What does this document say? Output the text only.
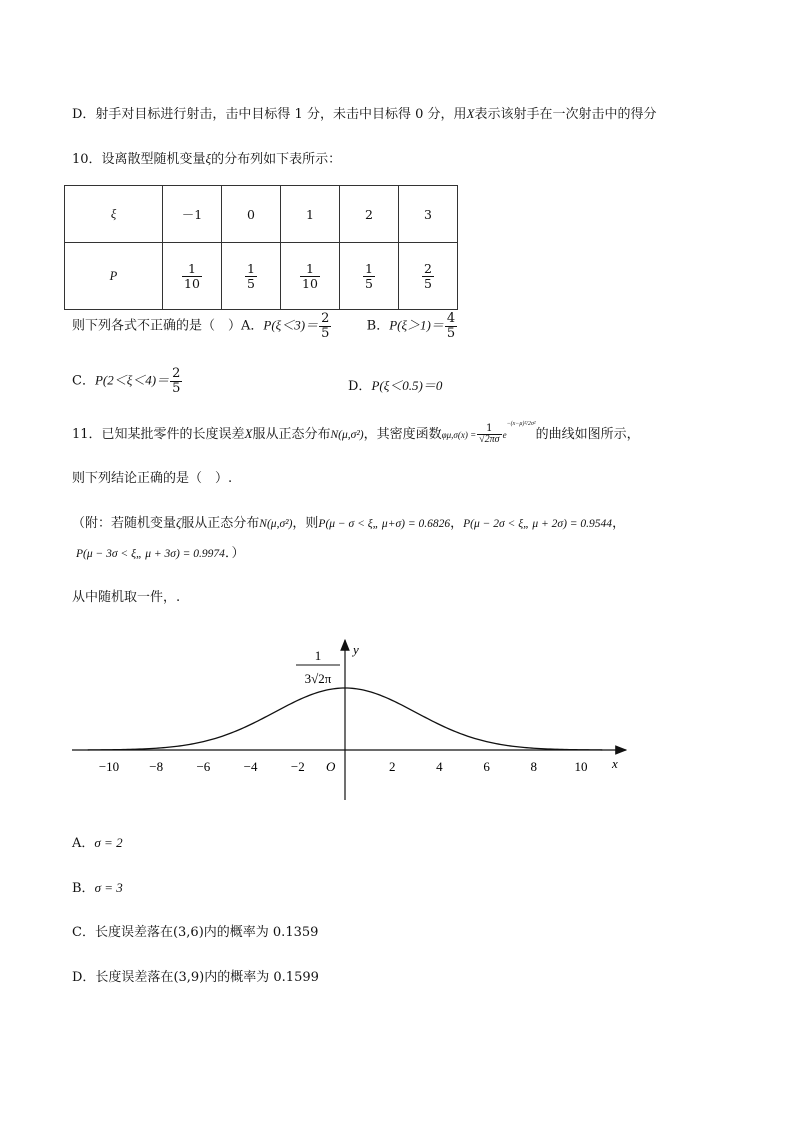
D．射手对目标进行射击，击中目标得 1 分，未击中目标得 0 分，用X表示该射手在一次射击中的得分
10．设离散型随机变量ξ的分布列如下表所示：
ξ	－1	0	1	2	3
P	$\frac{1}{10}$	$\frac{1}{5}$	$\frac{1}{10}$	$\frac{1}{5}$	$\frac{2}{5}$
则下列各式不正确的是（　）A．$P(\xi<3)= \frac{2}{5}$	B．$P(\xi>1)= \frac{4}{5}$
C．$P(2<\xi<4)= \frac{2}{5}$	D．P(ξ＜0.5)＝0
11．已知某批零件的长度误差X服从正态分布N(μ,σ²)，其密度函数$\varphi\mu,\sigma(x) = \frac{1}{√2\pi\sigma} e^{-(x-\mu)^2/2\sigma^2}$的曲线如图所示，
则下列结论正确的是（　）.
（附：若随机变量ζ服从正态分布N(μ,σ²)，则P(μ − σ < ξ„ μ+σ) = 0.6826，P(μ − 2σ < ξ„ μ + 2σ) = 0.9544，
P(μ − 3σ < ξ„ μ + 3σ) = 0.9974．）
从中随机取一件，.
−10 −8	−6	−4	−2	2	4	6	8	10
y
x
O
1
3√2π
A．σ = 2
B．σ = 3
C．长度误差落在(3,6)内的概率为 0.1359
D．长度误差落在(3,9)内的概率为 0.1599
